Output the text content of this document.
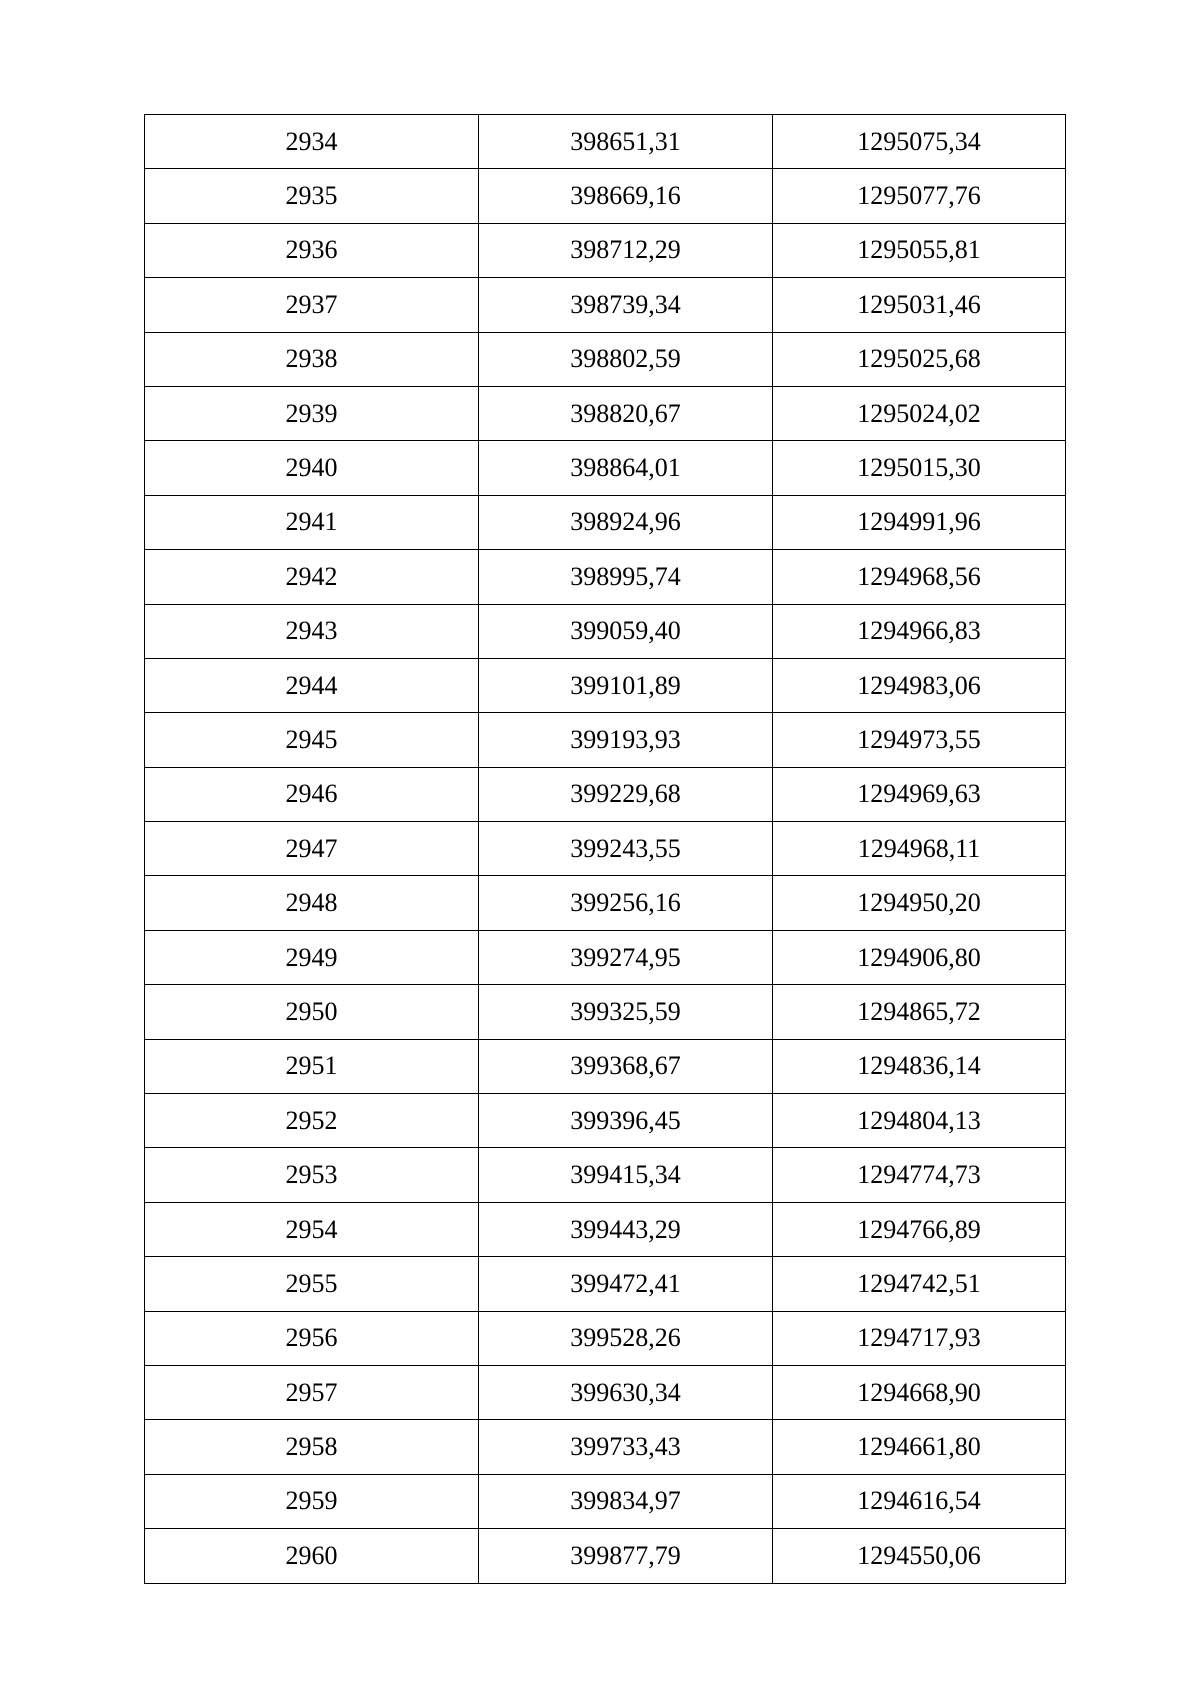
2934	398651,31	1295075,34
2935	398669,16	1295077,76
2936	398712,29	1295055,81
2937	398739,34	1295031,46
2938	398802,59	1295025,68
2939	398820,67	1295024,02
2940	398864,01	1295015,30
2941	398924,96	1294991,96
2942	398995,74	1294968,56
2943	399059,40	1294966,83
2944	399101,89	1294983,06
2945	399193,93	1294973,55
2946	399229,68	1294969,63
2947	399243,55	1294968,11
2948	399256,16	1294950,20
2949	399274,95	1294906,80
2950	399325,59	1294865,72
2951	399368,67	1294836,14
2952	399396,45	1294804,13
2953	399415,34	1294774,73
2954	399443,29	1294766,89
2955	399472,41	1294742,51
2956	399528,26	1294717,93
2957	399630,34	1294668,90
2958	399733,43	1294661,80
2959	399834,97	1294616,54
2960	399877,79	1294550,06
